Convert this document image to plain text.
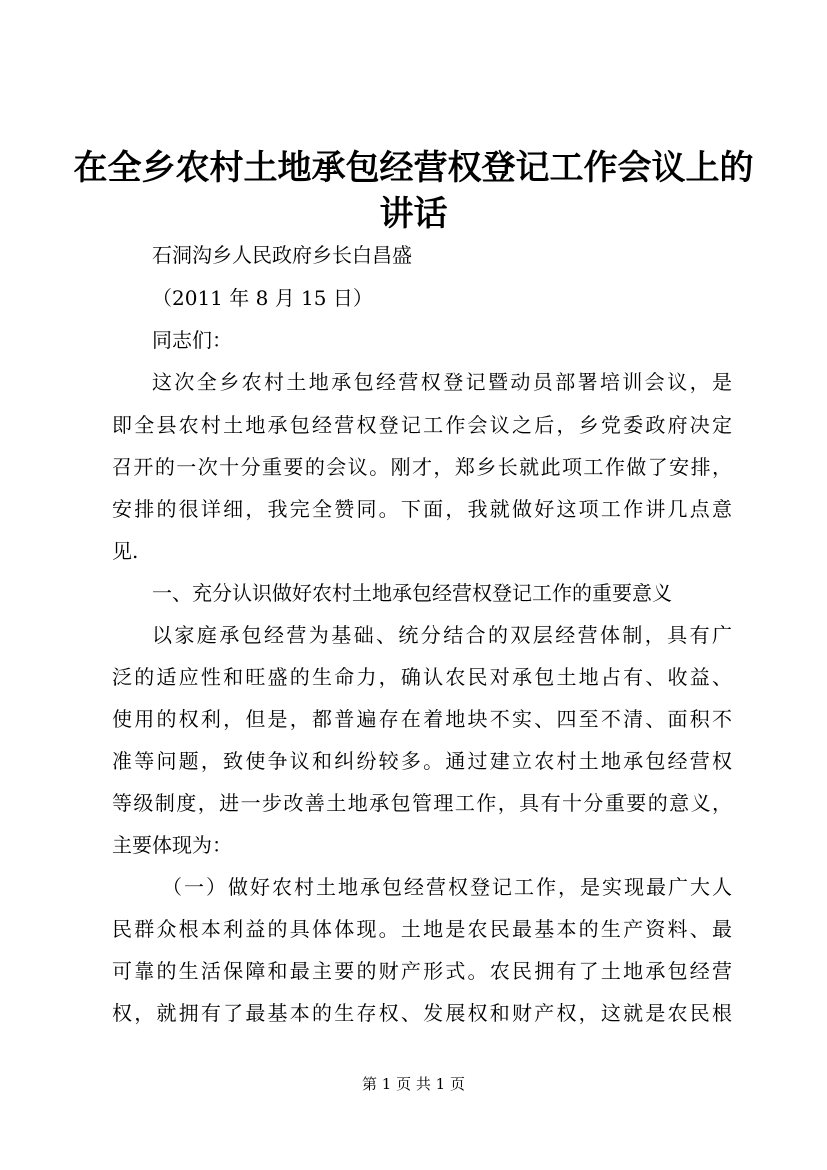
在全乡农村土地承包经营权登记工作会议上的
讲话
石洞沟乡人民政府乡长白昌盛
（2011 年 8 月 15 日）
同志们：
这次全乡农村土地承包经营权登记暨动员部署培训会议，是
即全县农村土地承包经营权登记工作会议之后，乡党委政府决定
召开的一次十分重要的会议。刚才，郑乡长就此项工作做了安排，
安排的很详细，我完全赞同。下面，我就做好这项工作讲几点意
见.
一、充分认识做好农村土地承包经营权登记工作的重要意义
以家庭承包经营为基础、统分结合的双层经营体制，具有广
泛的适应性和旺盛的生命力，确认农民对承包土地占有、收益、
使用的权利，但是，都普遍存在着地块不实、四至不清、面积不
准等问题，致使争议和纠纷较多。通过建立农村土地承包经营权
等级制度，进一步改善土地承包管理工作，具有十分重要的意义，
主要体现为：
（一）做好农村土地承包经营权登记工作，是实现最广大人
民群众根本利益的具体体现。土地是农民最基本的生产资料、最
可靠的生活保障和最主要的财产形式。农民拥有了土地承包经营
权，就拥有了最基本的生存权、发展权和财产权，这就是农民根
第 1 页 共 1 页
